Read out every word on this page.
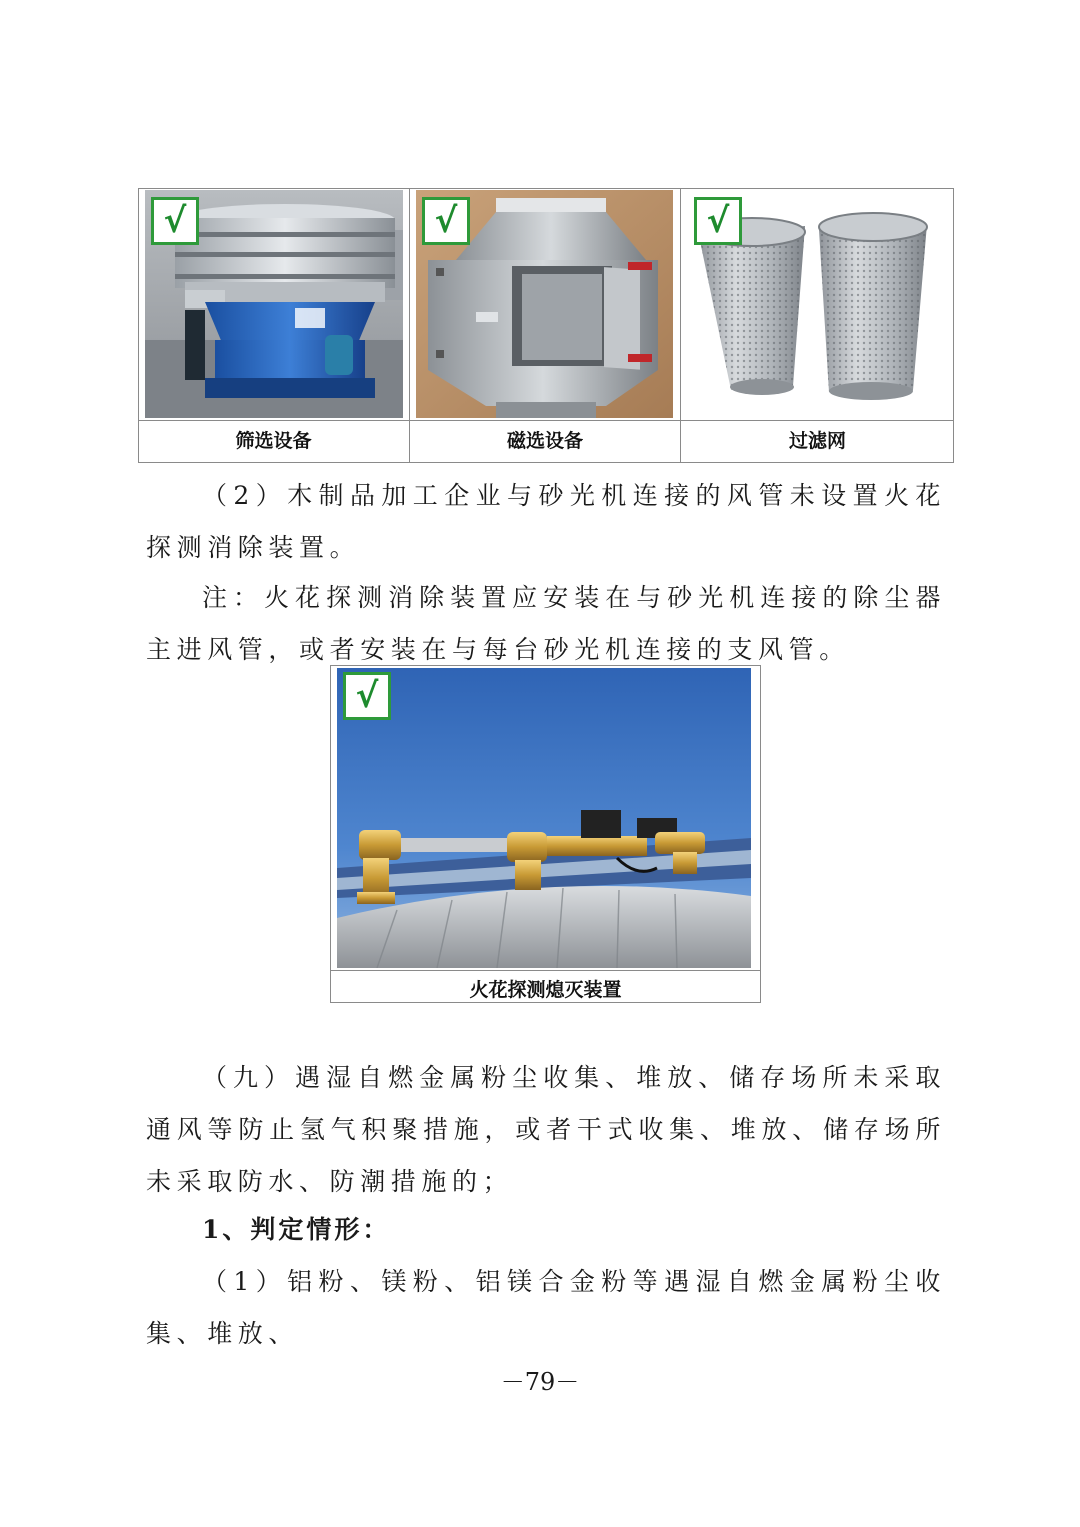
√	√	√
筛选设备	磁选设备	过滤网
（2）木制品加工企业与砂光机连接的风管未设置火花探测消除装置。
注：火花探测消除装置应安装在与砂光机连接的除尘器主进风管，或者安装在与每台砂光机连接的支风管。
√
火花探测熄灭装置
（九）遇湿自燃金属粉尘收集、堆放、储存场所未采取通风等防止氢气积聚措施，或者干式收集、堆放、储存场所未采取防水、防潮措施的；
1、判定情形：
（1）铝粉、镁粉、铝镁合金粉等遇湿自燃金属粉尘收集、堆放、
－79－
